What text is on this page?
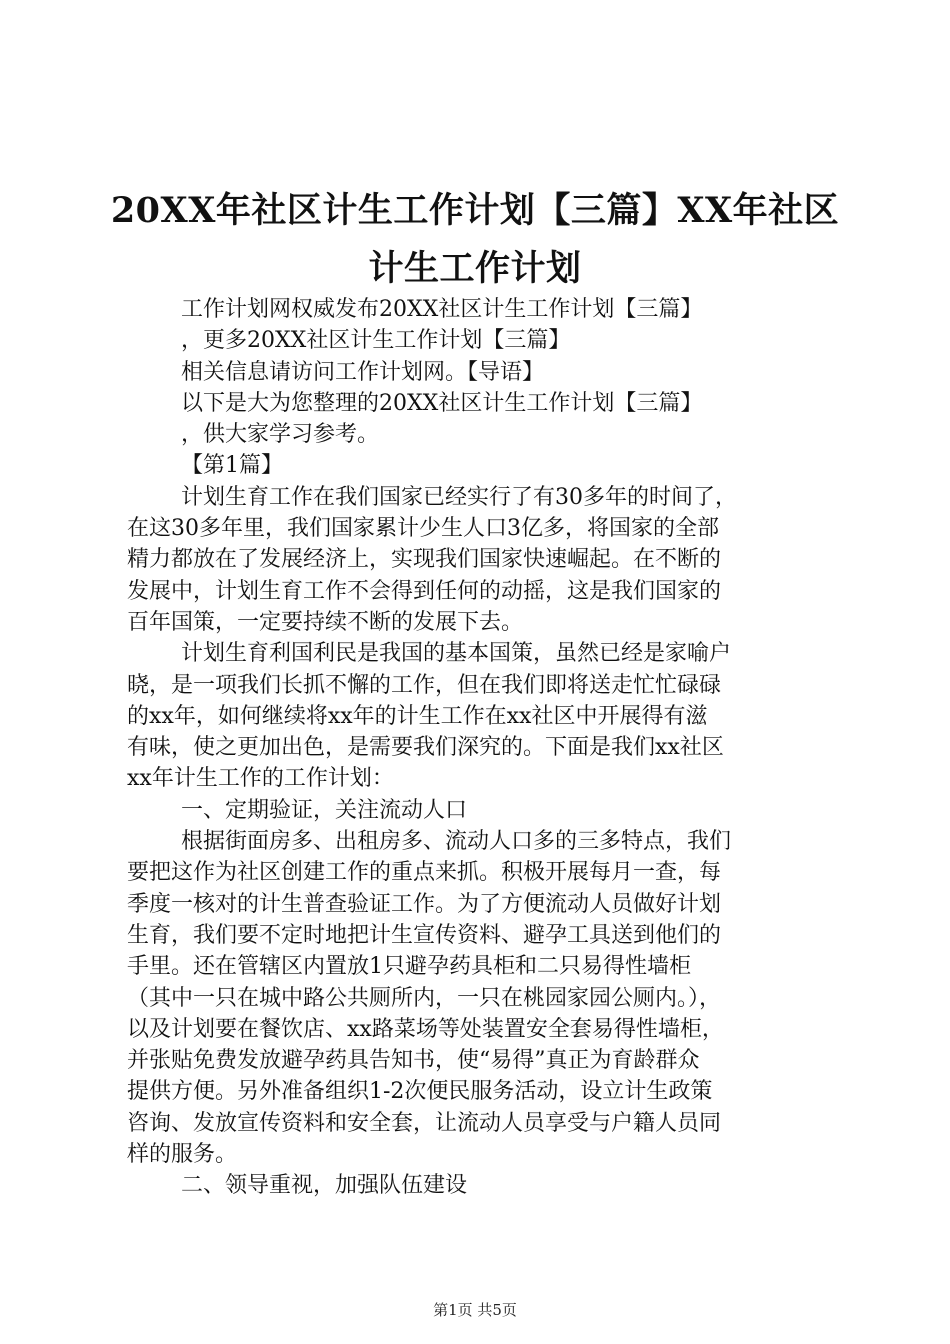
20XX年社区计生工作计划【三篇】XX年社区
计生工作计划
工作计划网权威发布20XX社区计生工作计划【三篇】
，更多20XX社区计生工作计划【三篇】
相关信息请访问工作计划网。【导语】
以下是大为您整理的20XX社区计生工作计划【三篇】
，供大家学习参考。
【第1篇】
计划生育工作在我们国家已经实行了有30多年的时间了，
在这30多年里，我们国家累计少生人口3亿多，将国家的全部
精力都放在了发展经济上，实现我们国家快速崛起。在不断的
发展中，计划生育工作不会得到任何的动摇，这是我们国家的
百年国策，一定要持续不断的发展下去。
计划生育利国利民是我国的基本国策，虽然已经是家喻户
晓，是一项我们长抓不懈的工作，但在我们即将送走忙忙碌碌
的xx年，如何继续将xx年的计生工作在xx社区中开展得有滋
有味，使之更加出色，是需要我们深究的。下面是我们xx社区
xx年计生工作的工作计划：
一、定期验证，关注流动人口
根据街面房多、出租房多、流动人口多的三多特点，我们
要把这作为社区创建工作的重点来抓。积极开展每月一查，每
季度一核对的计生普查验证工作。为了方便流动人员做好计划
生育，我们要不定时地把计生宣传资料、避孕工具送到他们的
手里。还在管辖区内置放1只避孕药具柜和二只易得性墙柜
（其中一只在城中路公共厕所内，一只在桃园家园公厕内。），
以及计划要在餐饮店、xx路菜场等处装置安全套易得性墙柜，
并张贴免费发放避孕药具告知书，使“易得”真正为育龄群众
提供方便。另外准备组织1-2次便民服务活动，设立计生政策
咨询、发放宣传资料和安全套，让流动人员享受与户籍人员同
样的服务。
二、领导重视，加强队伍建设
第1页 共5页
